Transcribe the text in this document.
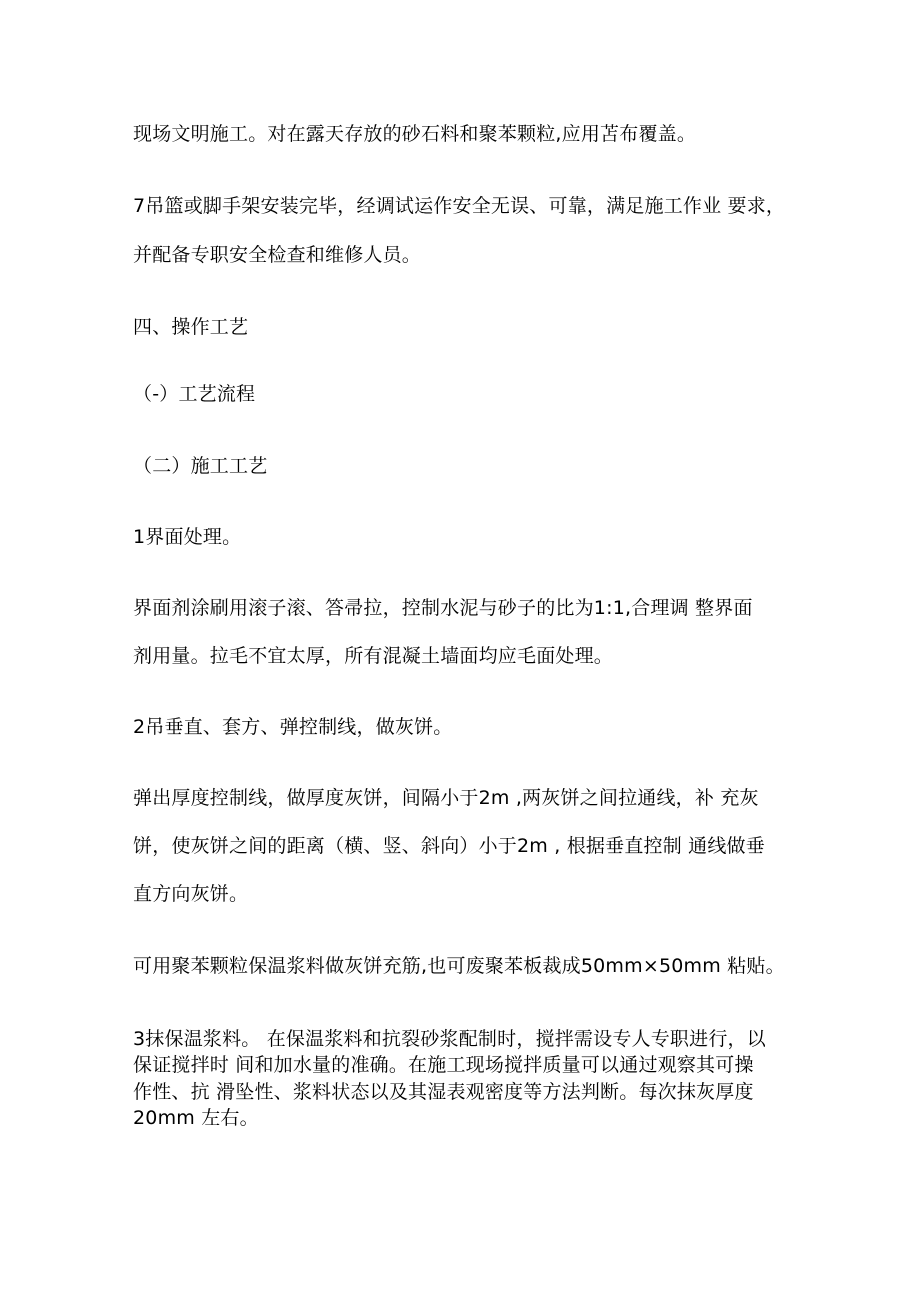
现场文明施工。对在露天存放的砂石料和聚苯颗粒,应用苫布覆盖。
7吊篮或脚手架安装完毕，经调试运作安全无误、可靠，满足施工作业 要求，
并配备专职安全检查和维修人员。
四、操作工艺
（-）工艺流程
（二）施工工艺
1界面处理。
界面剂涂刷用滚子滚、答帚拉，控制水泥与砂子的比为1:1,合理调 整界面
剂用量。拉毛不宜太厚，所有混凝土墙面均应毛面处理。
2吊垂直、套方、弹控制线，做灰饼。
弹出厚度控制线，做厚度灰饼，间隔小于2m ,两灰饼之间拉通线，补 充灰
饼，使灰饼之间的距离（横、竖、斜向）小于2m , 根据垂直控制 通线做垂
直方向灰饼。
可用聚苯颗粒保温浆料做灰饼充筋,也可废聚苯板裁成50mm×50mm 粘贴。
3抹保温浆料。 在保温浆料和抗裂砂浆配制时，搅拌需设专人专职进行，以
保证搅拌时 间和加水量的准确。在施工现场搅拌质量可以通过观察其可操
作性、抗 滑坠性、浆料状态以及其湿表观密度等方法判断。每次抹灰厚度
20mm 左右。
